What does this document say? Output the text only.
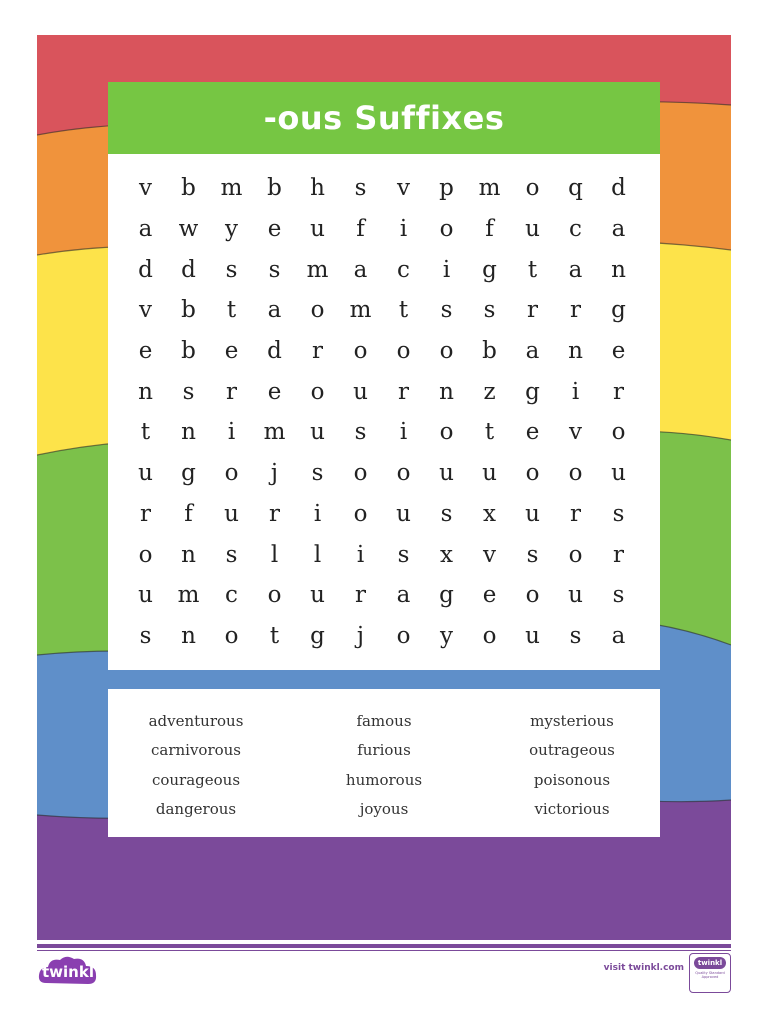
-ous Suffixes
v	b	m	b	h	s	v	p	m	o	q	d
a	w	y	e	u	f	i	o	f	u	c	a
d	d	s	s	m	a	c	i	g	t	a	n
v	b	t	a	o	m	t	s	s	r	r	g
e	b	e	d	r	o	o	o	b	a	n	e
n	s	r	e	o	u	r	n	z	g	i	r
t	n	i	m	u	s	i	o	t	e	v	o
u	g	o	j	s	o	o	u	u	o	o	u
r	f	u	r	i	o	u	s	x	u	r	s
o	n	s	l	l	i	s	x	v	s	o	r
u	m	c	o	u	r	a	g	e	o	u	s
s	n	o	t	g	j	o	y	o	u	s	a
adventurous
carnivorous
courageous
dangerous
famous
furious
humorous
joyous
mysterious
outrageous
poisonous
victorious
twinkl	visit twinkl.com	twinkl
Quality Standard Approved
